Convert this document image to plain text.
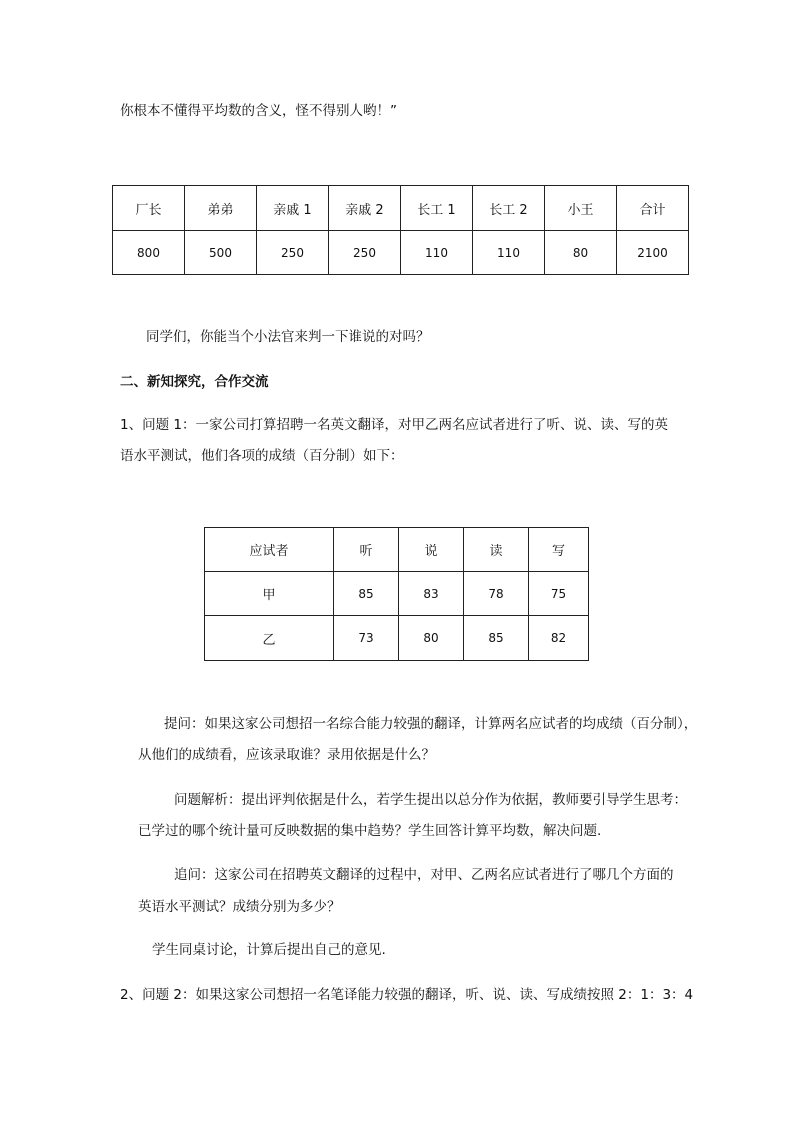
你根本不懂得平均数的含义，怪不得别人哟！”
厂长	弟弟	亲戚 1	亲戚 2	长工 1	长工 2	小王	合计
800	500	250	250	110	110	80	2100
同学们，你能当个小法官来判一下谁说的对吗？
二、新知探究，合作交流
1、问题 1：一家公司打算招聘一名英文翻译，对甲乙两名应试者进行了听、说、读、写的英
语水平测试，他们各项的成绩（百分制）如下：
应试者	听	说	读	写
甲	85	83	78	75
乙	73	80	85	82
提问：如果这家公司想招一名综合能力较强的翻译，计算两名应试者的均成绩（百分制），
从他们的成绩看，应该录取谁？录用依据是什么？
问题解析：提出评判依据是什么，若学生提出以总分作为依据，教师要引导学生思考：
已学过的哪个统计量可反映数据的集中趋势？学生回答计算平均数，解决问题.
追问：这家公司在招聘英文翻译的过程中，对甲、乙两名应试者进行了哪几个方面的
英语水平测试？成绩分别为多少？
学生同桌讨论，计算后提出自己的意见.
2、问题 2：如果这家公司想招一名笔译能力较强的翻译，听、说、读、写成绩按照 2：1：3：4
